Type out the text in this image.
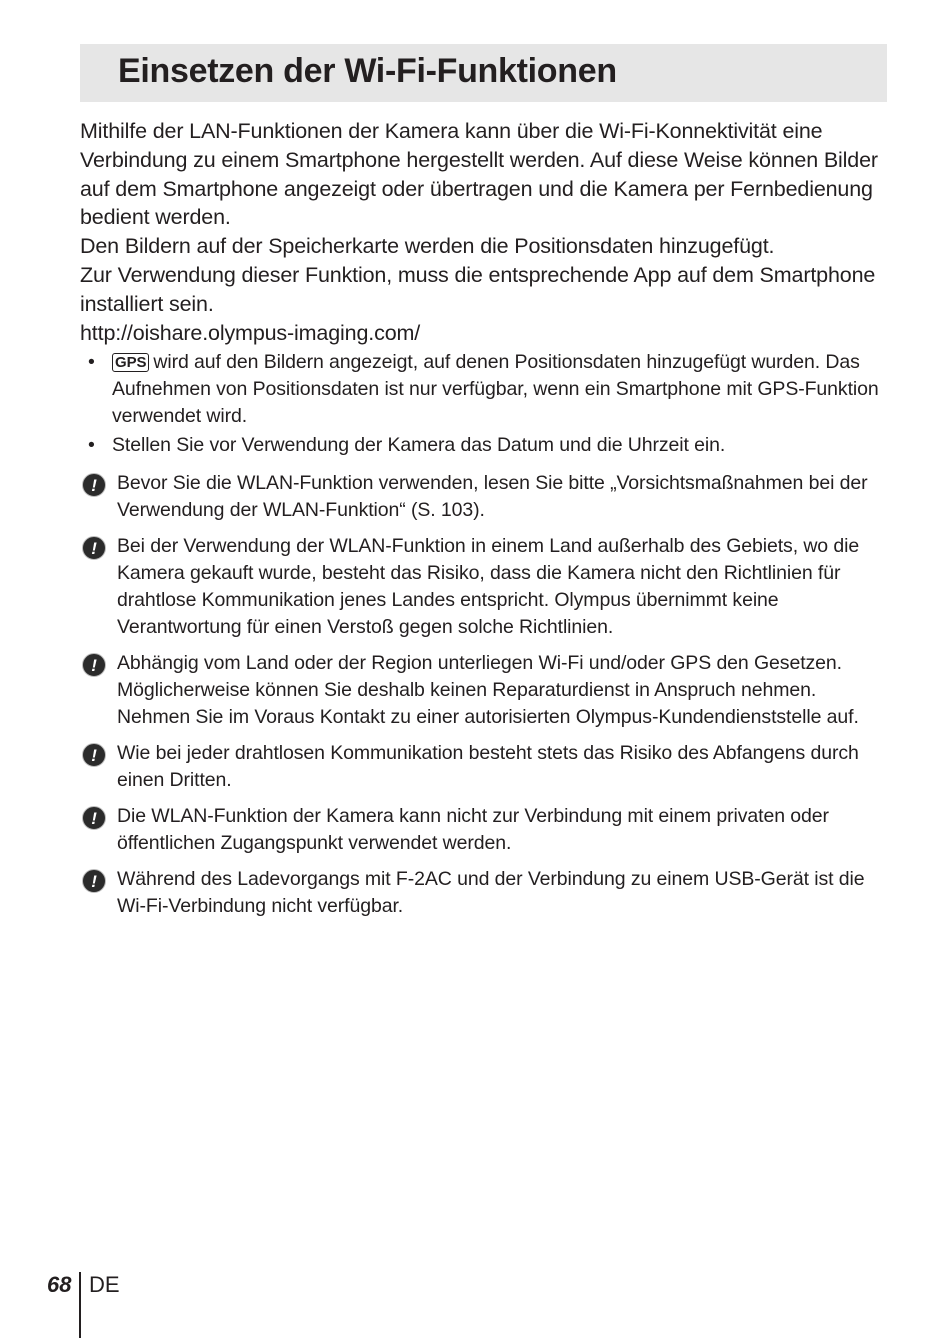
Einsetzen der Wi-Fi-Funktionen

Mithilfe der LAN-Funktionen der Kamera kann über die Wi-Fi-Konnektivität eine Verbindung zu einem Smartphone hergestellt werden. Auf diese Weise können Bilder auf dem Smartphone angezeigt oder übertragen und die Kamera per Fernbedienung bedient werden.

Den Bildern auf der Speicherkarte werden die Positionsdaten hinzugefügt.

Zur Verwendung dieser Funktion, muss die entsprechende App auf dem Smartphone installiert sein.

http://oishare.olympus-imaging.com/

• GPS wird auf den Bildern angezeigt, auf denen Positionsdaten hinzugefügt wurden. Das Aufnehmen von Positionsdaten ist nur verfügbar, wenn ein Smartphone mit GPS-Funktion verwendet wird.
• Stellen Sie vor Verwendung der Kamera das Datum und die Uhrzeit ein.
!	Bevor Sie die WLAN-Funktion verwenden, lesen Sie bitte „Vorsichtsmaßnahmen bei der Verwendung der WLAN-Funktion“ (S. 103).

!	Bei der Verwendung der WLAN-Funktion in einem Land außerhalb des Gebiets, wo die Kamera gekauft wurde, besteht das Risiko, dass die Kamera nicht den Richtlinien für drahtlose Kommunikation jenes Landes entspricht. Olympus übernimmt keine Verantwortung für einen Verstoß gegen solche Richtlinien.

!	Abhängig vom Land oder der Region unterliegen Wi-Fi und/oder GPS den Gesetzen.

Möglicherweise können Sie deshalb keinen Reparaturdienst in Anspruch nehmen. Nehmen Sie im Voraus Kontakt zu einer autorisierten Olympus-Kundendienststelle auf.

!	Wie bei jeder drahtlosen Kommunikation besteht stets das Risiko des Abfangens durch einen Dritten.

!	Die WLAN-Funktion der Kamera kann nicht zur Verbindung mit einem privaten oder öffentlichen Zugangspunkt verwendet werden.

!	Während des Ladevorgangs mit F-2AC und der Verbindung zu einem USB-Gerät ist die Wi-Fi-Verbindung nicht verfügbar.

68 DE
